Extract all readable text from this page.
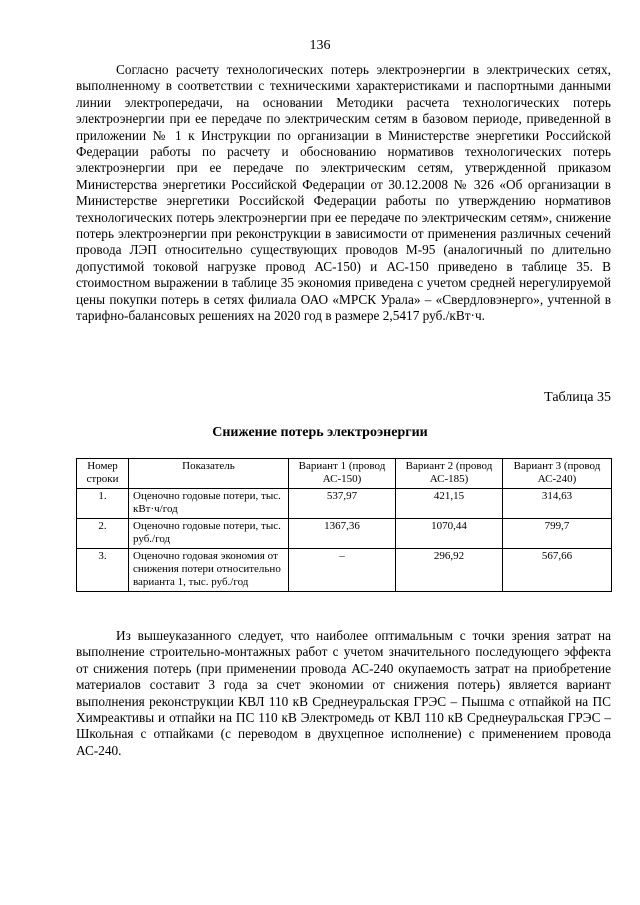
136

Согласно расчету технологических потерь электроэнергии в электрических сетях, выполненному в соответствии с техническими характеристиками и паспортными данными линии электропередачи, на основании Методики расчета технологических потерь электроэнергии при ее передаче по электрическим сетям в базовом периоде, приведенной в приложении № 1 к Инструкции по организации в Министерстве энергетики Российской Федерации работы по расчету и обоснованию нормативов технологических потерь электроэнергии при ее передаче по электрическим сетям, утвержденной приказом Министерства энергетики Российской Федерации от 30.12.2008 № 326 «Об организации в Министерстве энергетики Российской Федерации работы по утверждению нормативов технологических потерь электроэнергии при ее передаче по электрическим сетям», снижение потерь электроэнергии при реконструкции в зависимости от применения различных сечений провода ЛЭП относительно существующих проводов М-95 (аналогичный по длительно допустимой токовой нагрузке провод АС-150) и АС-150 приведено в таблице 35. В стоимостном выражении в таблице 35 экономия приведена с учетом средней нерегулируемой цены покупки потерь в сетях филиала ОАО «МРСК Урала» – «Свердловэнерго», учтенной в тарифно-балансовых решениях на 2020 год в размере 2,5417 руб./кВт·ч.

Таблица 35
Снижение потерь электроэнергии
Номер строки	Показатель	Вариант 1 (провод АС-150)	Вариант 2 (провод АС-185)	Вариант 3 (провод АС-240)
1.	Оценочно годовые потери, тыс. кВт·ч/год	537,97	421,15	314,63
2.	Оценочно годовые потери, тыс. руб./год	1367,36	1070,44	799,7
3.	Оценочно годовая экономия от снижения потери относительно варианта 1, тыс. руб./год	–	296,92	567,66

Из вышеуказанного следует, что наиболее оптимальным с точки зрения затрат на выполнение строительно-монтажных работ с учетом значительного последующего эффекта от снижения потерь (при применении провода АС-240 окупаемость затрат на приобретение материалов составит 3 года за счет экономии от снижения потерь) является вариант выполнения реконструкции КВЛ 110 кВ Среднеуральская ГРЭС – Пышма с отпайкой на ПС Химреактивы и отпайки на ПС 110 кВ Электромедь от КВЛ 110 кВ Среднеуральская ГРЭС – Школьная с отпайками (с переводом в двухцепное исполнение) с применением провода АС-240.
